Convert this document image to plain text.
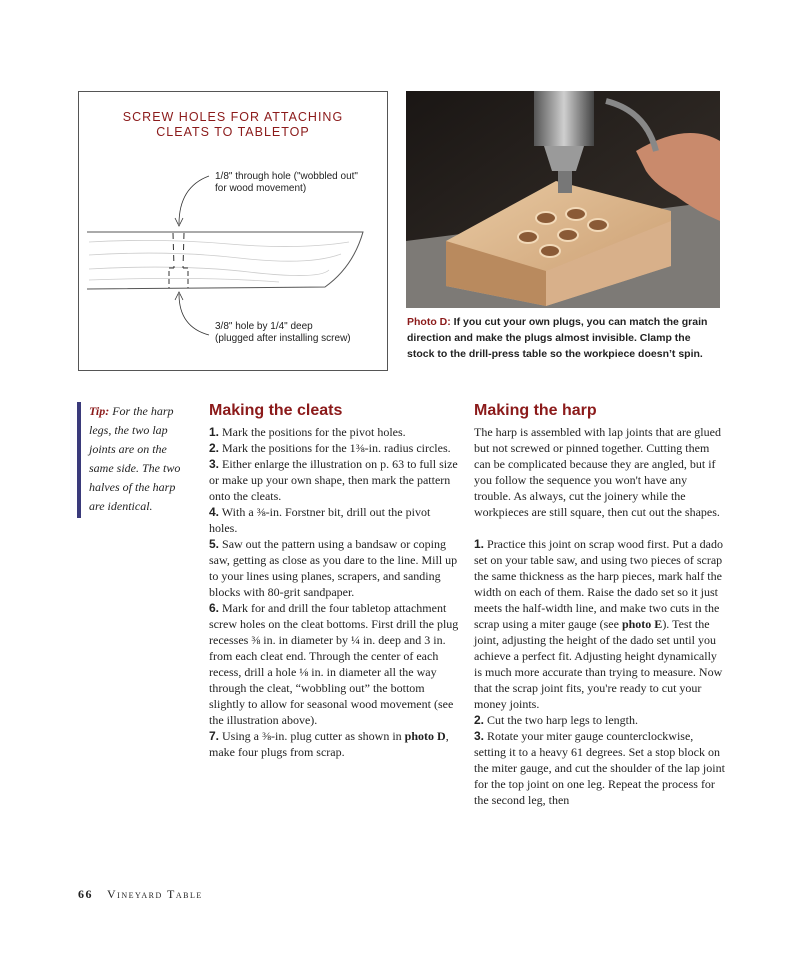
SCREW HOLES FOR ATTACHING
CLEATS TO TABLETOP
1/8" through hole ("wobbled out"
for wood movement)
3/8" hole by 1/4" deep
(plugged after installing screw)
Photo D: If you cut your own plugs, you can match the grain direction and make the plugs almost invisible. Clamp the stock to the drill-press table so the workpiece doesn’t spin.
Tip: For the harp legs, the two lap joints are on the same side. The two halves of the harp are identical.
Making the cleats

1. Mark the positions for the pivot holes.

2. Mark the positions for the 1⅜-in. radius circles.

3. Either enlarge the illustration on p. 63 to full size or make up your own shape, then mark the pattern onto the cleats.

4. With a ⅜-in. Forstner bit, drill out the pivot holes.

5. Saw out the pattern using a bandsaw or coping saw, getting as close as you dare to the line. Mill up to your lines using planes, scrapers, and sanding blocks with 80-grit sandpaper.

6. Mark for and drill the four tabletop attachment screw holes on the cleat bottoms. First drill the plug recesses ⅜ in. in diameter by ¼ in. deep and 3 in. from each cleat end. Through the center of each recess, drill a hole ⅛ in. in diameter all the way through the cleat, “wobbling out” the bottom slightly to allow for seasonal wood movement (see the illustration above).

7. Using a ⅜-in. plug cutter as shown in photo D, make four plugs from scrap.

Making the harp

The harp is assembled with lap joints that are glued but not screwed or pinned together. Cutting them can be complicated because they are angled, but if you follow the sequence you won't have any trouble. As always, cut the joinery while the workpieces are still square, then cut out the shapes.

1. Practice this joint on scrap wood first. Put a dado set on your table saw, and using two pieces of scrap the same thickness as the harp pieces, mark half the width on each of them. Raise the dado set so it just meets the half-width line, and make two cuts in the scrap using a miter gauge (see photo E). Test the joint, adjusting the height of the dado set until you achieve a perfect fit. Adjusting height dynamically is much more accurate than trying to measure. Now that the scrap joint fits, you're ready to cut your money joints.

2. Cut the two harp legs to length.

3. Rotate your miter gauge counterclockwise, setting it to a heavy 61 degrees. Set a stop block on the miter gauge, and cut the shoulder of the lap joint for the top joint on one leg. Repeat the process for the second leg, then

66 Vineyard Table
